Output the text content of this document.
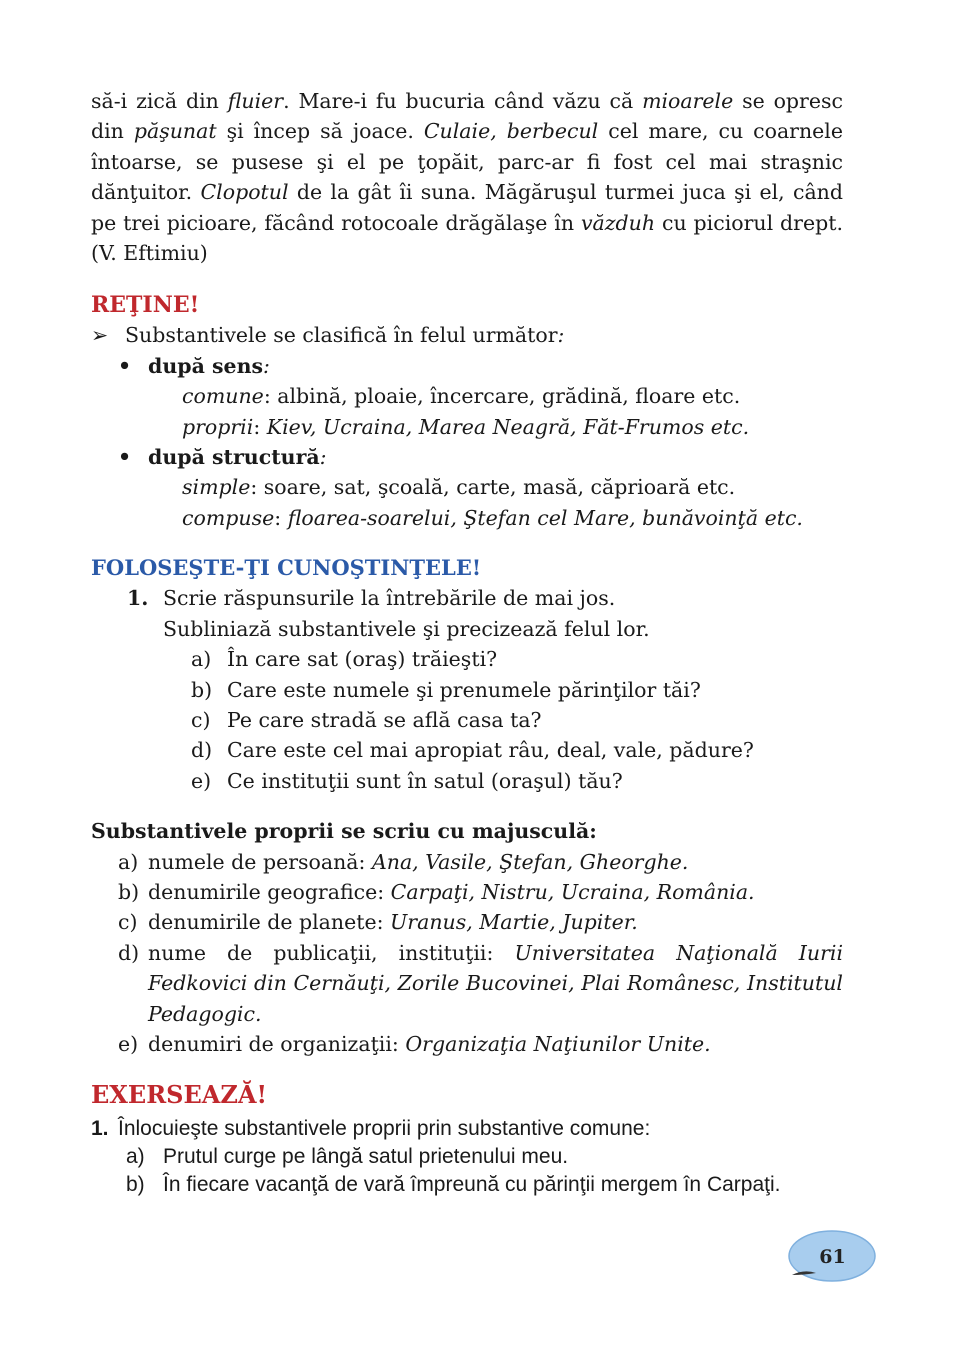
să-i zică din fluier. Mare-i fu bucuria când văzu că mioarele se opresc din păşunat şi încep să joace. Culaie, berbecul cel mare, cu coarnele întoarse, se pusese şi el pe ţopăit, parc-ar fi fost cel mai straşnic dănţuitor. Clopotul de la gât îi suna. Măgăruşul turmei juca şi el, când pe trei picioare, făcând rotocoale drăgălaşe în văzduh cu piciorul drept. (V. Eftimiu)

REŢINE!
➢ Substantivele se clasifică în felul următor:
• după sens:

comune: albină, ploaie, încercare, grădină, floare etc.

proprii: Kiev, Ucraina, Marea Neagră, Făt-Frumos etc.

• după structură:

simple: soare, sat, şcoală, carte, masă, căprioară etc.

compuse: floarea-soarelui, Ştefan cel Mare, bunăvoinţă etc.

FOLOSEŞTE-ŢI CUNOŞTINŢELE!
1. Scrie răspunsurile la întrebările de mai jos.

Subliniază substantivele şi precizează felul lor.

a) În care sat (oraş) trăieşti?
b) Care este numele şi prenumele părinţilor tăi?
c) Pe care stradă se află casa ta?
d) Care este cel mai apropiat râu, deal, vale, pădure?
e) Ce instituţii sunt în satul (oraşul) tău?
Substantivele proprii se scriu cu majusculă:
a) numele de persoană: Ana, Vasile, Ştefan, Gheorghe.
b) denumirile geografice: Carpaţi, Nistru, Ucraina, România.
c) denumirile de planete: Uranus, Martie, Jupiter.
d) nume de publicaţii, instituţii: Universitatea Naţională Iurii Fedkovici din Cernăuţi, Zorile Bucovinei, Plai Românesc, Institutul Pedagogic.
e) denumiri de organizaţii: Organizaţia Naţiunilor Unite.
EXERSEAZĂ!
1. Înlocuieşte substantivele proprii prin substantive comune:
a) Prutul curge pe lângă satul prietenului meu.
b) În fiecare vacanţă de vară împreună cu părinţii mergem în Carpaţi.
61
